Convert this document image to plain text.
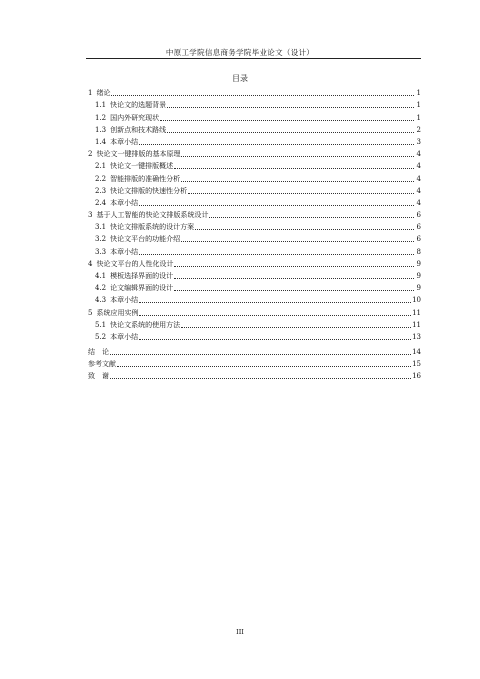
中原工学院信息商务学院毕业论文（设计）
目录
1 绪论	1
1.1 快论文的选题背景	1
1.2 国内外研究现状	1
1.3 创新点和技术路线	2
1.4 本章小结	3
2 快论文一键排版的基本原理	4
2.1 快论文一键排版概述	4
2.2 智能排版的准确性分析	4
2.3 快论文排版的快速性分析	4
2.4 本章小结	4
3 基于人工智能的快论文排版系统设计	6
3.1 快论文排版系统的设计方案	6
3.2 快论文平台的功能介绍	6
3.3 本章小结	8
4 快论文平台的人性化设计	9
4.1 模板选择界面的设计	9
4.2 论文编辑界面的设计	9
4.3 本章小结	10
5 系统应用实例	11
5.1 快论文系统的使用方法	11
5.2 本章小结	13
结　论	14
参考文献	15
致　谢	16
III
